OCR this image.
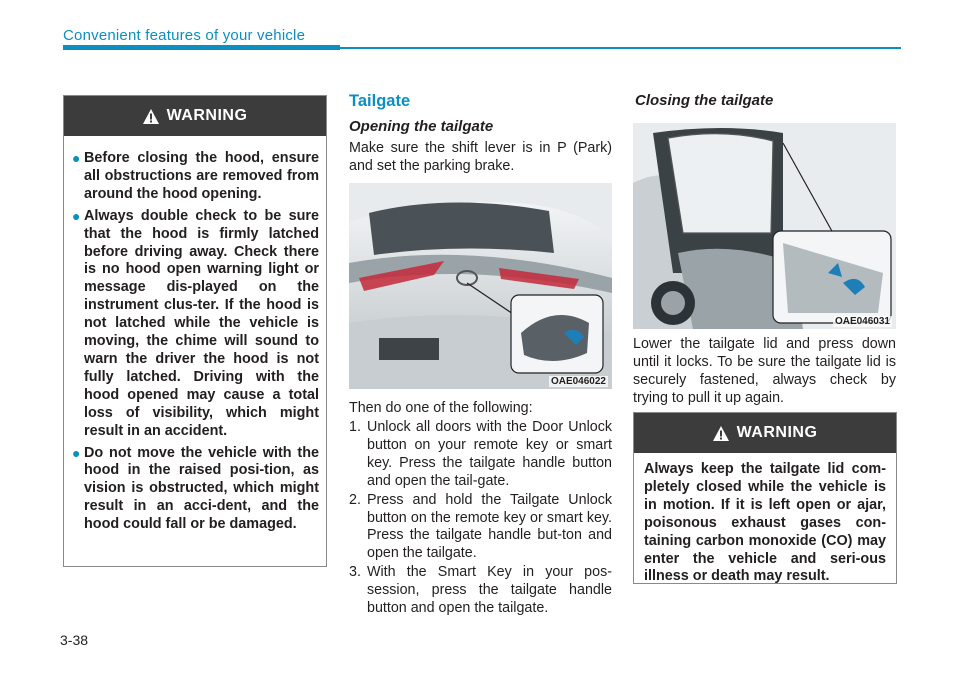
Convenient features of your vehicle
WARNING
● Before closing the hood, ensure all obstructions are removed from around the hood opening.
● Always double check to be sure that the hood is firmly latched before driving away. Check there is no hood open warning light or message dis-played on the instrument clus-ter. If the hood is not latched while the vehicle is moving, the chime will sound to warn the driver the hood is not fully latched. Driving with the hood opened may cause a total loss of visibility, which might result in an accident.
● Do not move the vehicle with the hood in the raised posi-tion, as vision is obstructed, which might result in an acci-dent, and the hood could fall or be damaged.
Tailgate
Opening the tailgate
Make sure the shift lever is in P (Park) and set the parking brake.
OAE046022
Then do one of the following:
1. Unlock all doors with the Door Unlock button on your remote key or smart key. Press the tailgate handle button and open the tail-gate.
2. Press and hold the Tailgate Unlock button on the remote key or smart key. Press the tailgate handle but-ton and open the tailgate.
3. With the Smart Key in your pos-session, press the tailgate handle button and open the tailgate.
Closing the tailgate
OAE046031
Lower the tailgate lid and press down until it locks. To be sure the tailgate lid is securely fastened, always check by trying to pull it up again.
WARNING
Always keep the tailgate lid com-pletely closed while the vehicle is in motion. If it is left open or ajar, poisonous exhaust gases con-taining carbon monoxide (CO) may enter the vehicle and seri-ous illness or death may result.
3-38
